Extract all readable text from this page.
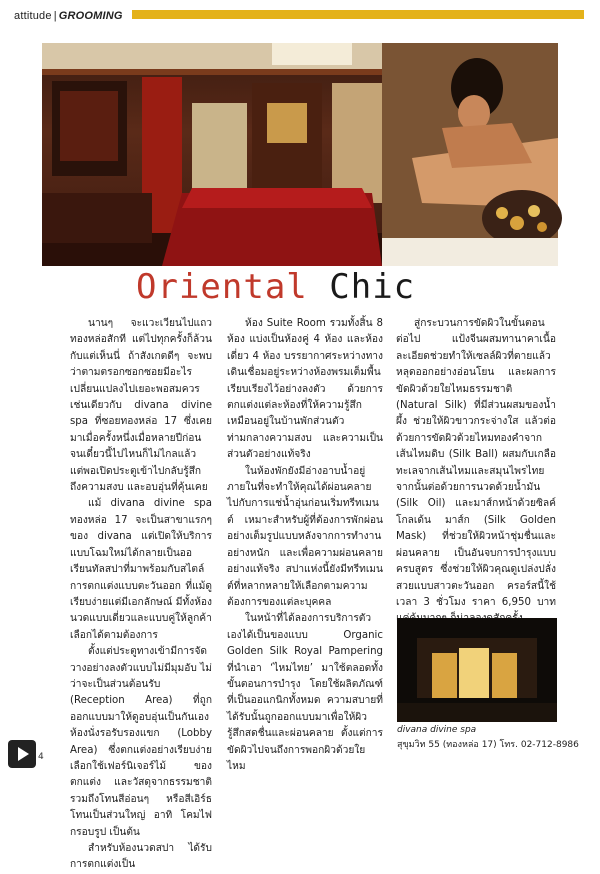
attitude | GROOMING
Oriental Chic

นานๆ จะแวะเวียนไปแถวทองหล่อสักที แต่ไปทุกครั้งก็ล้วนกับแต่เห็นนี่ ถ้าสังเกตดีๆ จะพบว่าตามตรอกซอกซอยมีอะไรเปลี่ยนแปลงไปเยอะพอสมควร เช่นเดียวกับ divana divine spa ที่ซอยทองหล่อ 17 ซึ่งเคยมาเมื่อครั้งหนึ่งเมื่อหลายปีก่อน จนเดี๋ยวนี้ไปไหนก็ไม่ไกลแล้ว แต่พอเปิดประตูเข้าไปกลับรู้สึกถึงความสงบ และอบอุ่นที่คุ้นเคย

แม้ divana divine spa ทองหล่อ 17 จะเป็นสาขาแรกๆ ของ divana แต่เปิดให้บริการแบบโฉมใหม่ได้กลายเป็นออเรียนทัลสปาที่มาพร้อมกับสไตล์การตกแต่งแบบตะวันออก ที่แม้ดูเรียบง่ายแต่มีเอกลักษณ์ มีทั้งห้องนวดแบบเดี่ยวและแบบคู่ให้ลูกค้าเลือกได้ตามต้องการ

ตั้งแต่ประตูทางเข้ามีการจัดวางอย่างลงตัวแบบไม่มีมุมอับ ไม่ว่าจะเป็นส่วนต้อนรับ (Reception Area) ที่ถูกออกแบบมาให้ดูอบอุ่นเป็นกันเอง ห้องนั่งรอรับรองแขก (Lobby Area) ซึ่งตกแต่งอย่างเรียบง่ายเลือกใช้เฟอร์นิเจอร์ไม้ ของตกแต่ง และวัสดุจากธรรมชาติ รวมถึงโทนสีอ่อนๆ หรือสีเอิร์ธโทนเป็นส่วนใหญ่ อาทิ โคมไฟ กรอบรูป เป็นต้น

สำหรับห้องนวดสปา ได้รับการตกแต่งเป็น

ห้อง Suite Room รวมทั้งสิ้น 8 ห้อง แบ่งเป็นห้องคู่ 4 ห้อง และห้องเดี่ยว 4 ห้อง บรรยากาศระหว่างทางเดินเชื่อมอยู่ระหว่างห้องพรมเต็มพื้นเรียบเรียงไว้อย่างลงตัว ด้วยการตกแต่งแต่ละห้องที่ให้ความรู้สึกเหมือนอยู่ในบ้านพักส่วนตัวท่ามกลางความสงบ และความเป็นส่วนตัวอย่างแท้จริง

ในห้องพักยังมีอ่างอาบน้ำอยู่ภายในที่จะทำให้คุณได้ผ่อนคลายไปกับการแช่น้ำอุ่นก่อนเริ่มทรีทเมนต์ เหมาะสำหรับผู้ที่ต้องการพักผ่อนอย่างเต็มรูปแบบหลังจากการทำงานอย่างหนัก และเพื่อความผ่อนคลายอย่างแท้จริง สปาแห่งนี้ยังมีทรีทเมนต์ที่หลากหลายให้เลือกตามความต้องการของแต่ละบุคคล

ในหน้าที่ได้ลองการบริการตัวเองได้เป็นของแบบ Organic Golden Silk Royal Pampering ที่นำเอา ‘ไหมไทย’ มาใช้ตลอดทั้งขั้นตอนการบำรุง โดยใช้ผลิตภัณฑ์ที่เป็นออแกนิกทั้งหมด ความสบายที่ได้รับนั้นถูกออกแบบมาเพื่อให้ผิวรู้สึกสดชื่นและผ่อนคลาย ตั้งแต่การขัดผิวไปจนถึงการพอกผิวด้วยใยไหม

สู่กระบวนการขัดผิวในขั้นตอนต่อไป แป้งจีนผสมทานาคาเนื้อละเอียดช่วยทำให้เซลล์ผิวที่ตายแล้วหลุดออกอย่างอ่อนโยน และผลการขัดผิวด้วยใยไหมธรรมชาติ (Natural Silk) ที่มีส่วนผสมของน้ำผึ้ง ช่วยให้ผิวขาวกระจ่างใส แล้วต่อด้วยการขัดผิวด้วยไหมทองคำจากเส้นไหมดิบ (Silk Ball) ผสมกับเกลือทะเลจากเส้นไหมและสมุนไพรไทย จากนั้นต่อด้วยการนวดด้วยน้ำมัน (Silk Oil) และมาส์กหน้าด้วยซิลค์โกลเด้น มาส์ก (Silk Golden Mask) ที่ช่วยให้ผิวหน้าชุ่มชื่นและผ่อนคลาย เป็นอันจบการบำรุงแบบครบสูตร ซึ่งช่วยให้ผิวคุณดูเปล่งปลั่ง สวยแบบสาวตะวันออก ครอร์สนี้ใช้เวลา 3 ชั่วโมง ราคา 6,950 บาท

divana divine spa
สุขุมวิท 55 (ทองหล่อ 17) โทร. 02-712-8986
4
